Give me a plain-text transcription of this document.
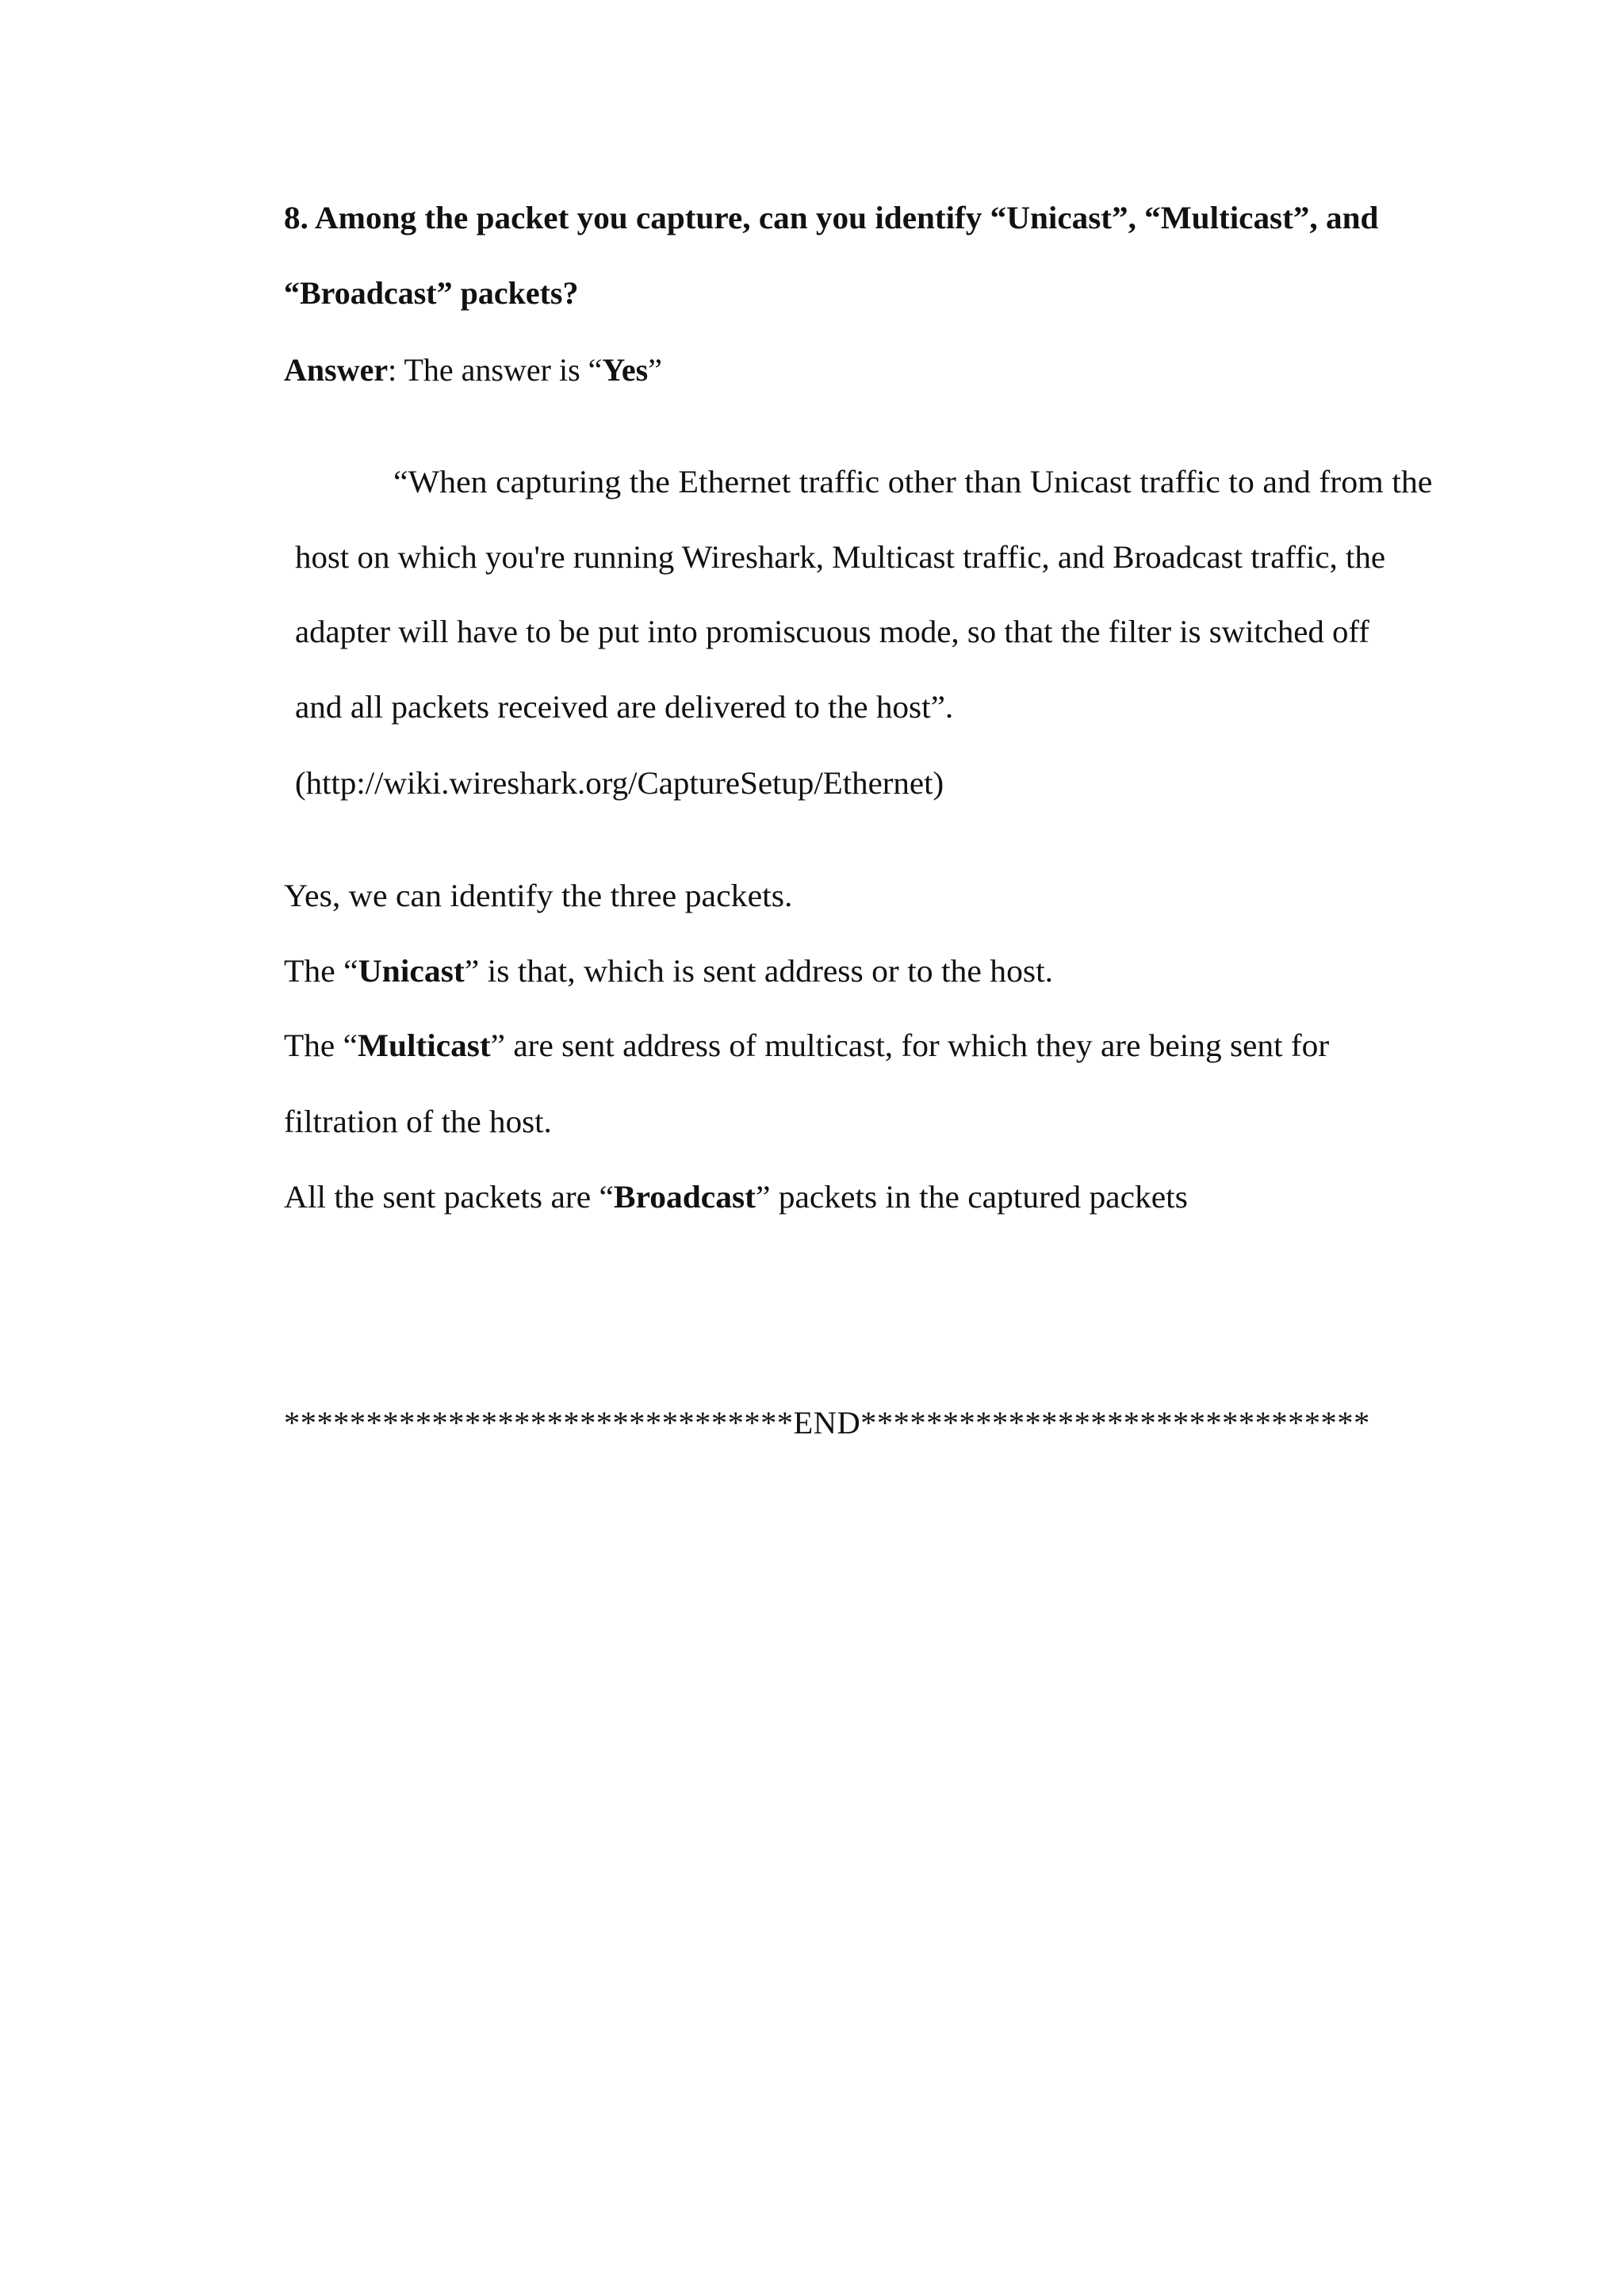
8. Among the packet you capture, can you identify “Unicast”, “Multicast”, and
“Broadcast” packets?
Answer: The answer is “Yes”
“When capturing the Ethernet traffic other than Unicast traffic to and from the
host on which you're running Wireshark, Multicast traffic, and Broadcast traffic, the
adapter will have to be put into promiscuous mode, so that the filter is switched off
and all packets received are delivered to the host”.
(http://wiki.wireshark.org/CaptureSetup/Ethernet)
Yes, we can identify the three packets.
The “Unicast” is that, which is sent address or to the host.
The “Multicast” are sent address of multicast, for which they are being sent for
filtration of the host.
All the sent packets are “Broadcast” packets in the captured packets
*******************************END*******************************
